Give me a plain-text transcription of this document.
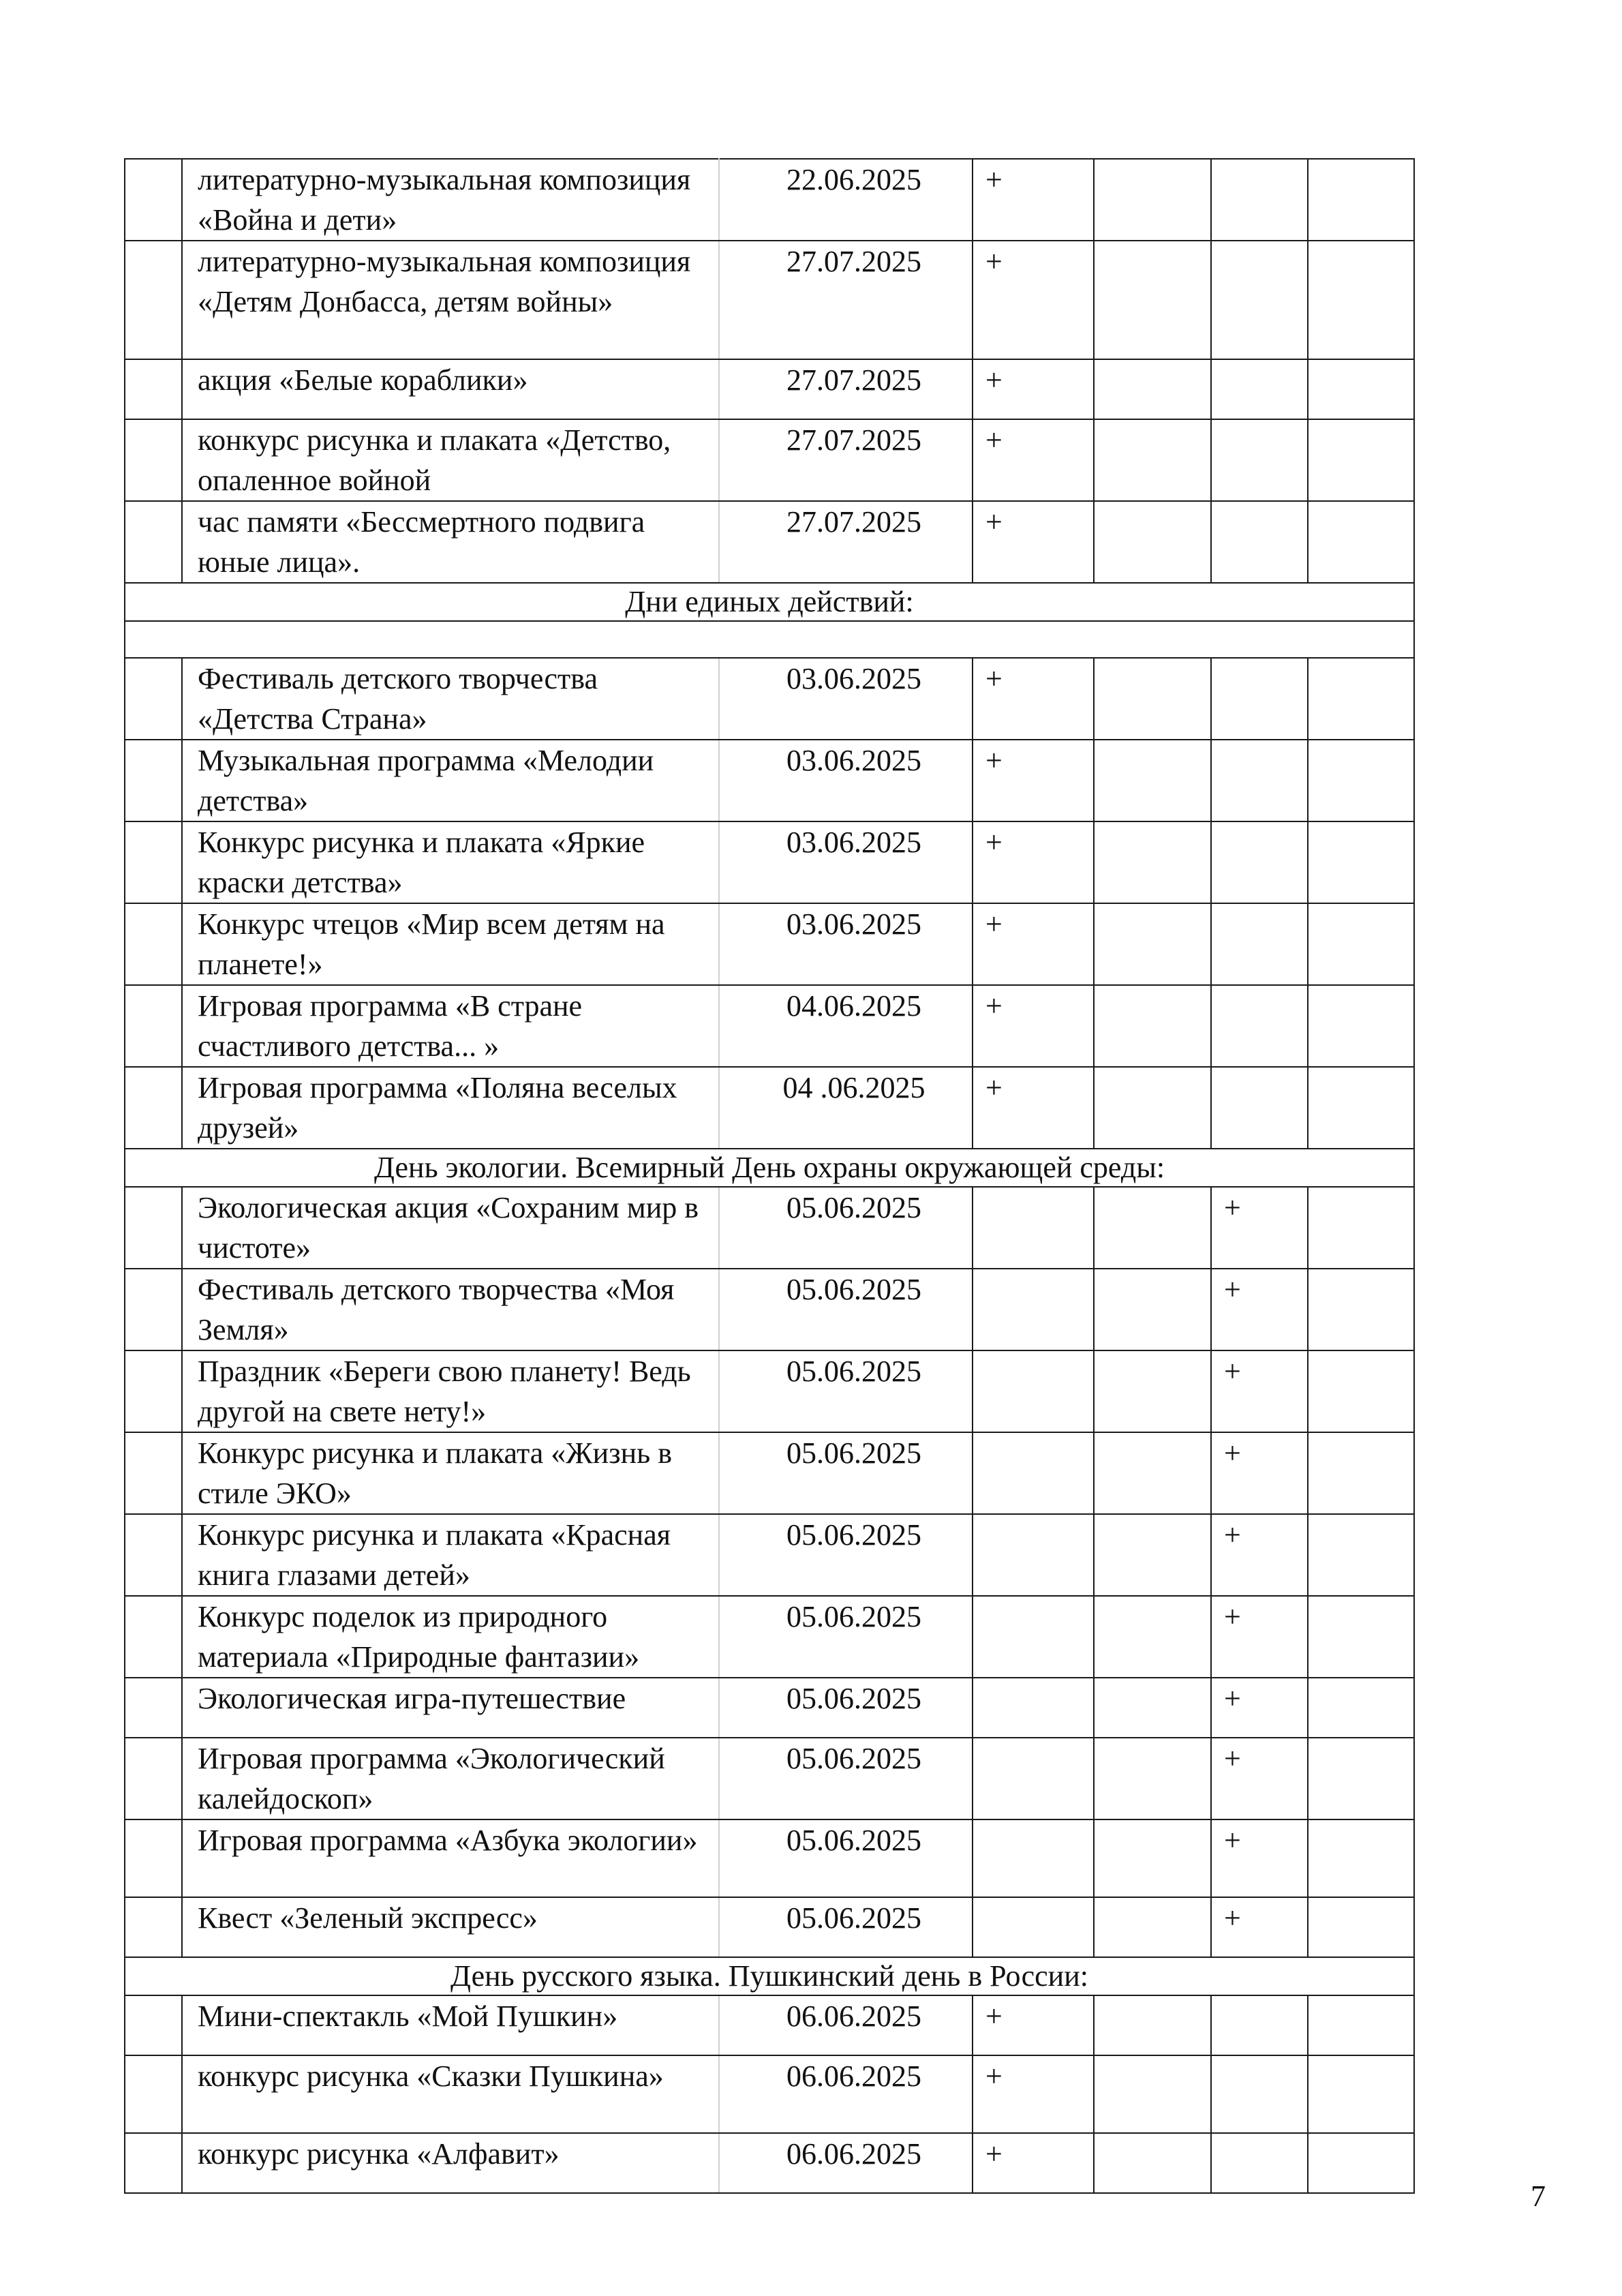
	литературно-музыкальная композиция «Война и дети»	22.06.2025	+			
	литературно-музыкальная композиция «Детям Донбасса, детям войны»	27.07.2025	+			
	акция «Белые кораблики»	27.07.2025	+			
	конкурс рисунка и плаката «Детство, опаленное войной	27.07.2025	+			
	час памяти «Бессмертного подвига юные лица».	27.07.2025	+			
Дни единых действий:						

	Фестиваль детского творчества «Детства Страна»	03.06.2025	+			
	Музыкальная программа «Мелодии детства»	03.06.2025	+			
	Конкурс рисунка и плаката «Яркие краски детства»	03.06.2025	+			
	Конкурс чтецов «Мир всем детям на планете!»	03.06.2025	+			
	Игровая программа «В стране счастливого детства... »	04.06.2025	+			
	Игровая программа «Поляна веселых друзей»	04 .06.2025	+			
День экологии. Всемирный День охраны окружающей среды:						
	Экологическая акция «Сохраним мир в чистоте»	05.06.2025			+	
	Фестиваль детского творчества «Моя Земля»	05.06.2025			+	
	Праздник «Береги свою планету! Ведь другой на свете нету!»	05.06.2025			+	
	Конкурс рисунка и плаката «Жизнь в стиле ЭКО»	05.06.2025			+	
	Конкурс рисунка и плаката «Красная книга глазами детей»	05.06.2025			+	
	Конкурс поделок из природного материала «Природные фантазии»	05.06.2025			+	
	Экологическая игра-путешествие	05.06.2025			+	
	Игровая программа «Экологический калейдоскоп»	05.06.2025			+	
	Игровая программа «Азбука экологии»	05.06.2025			+	
	Квест «Зеленый экспресс»	05.06.2025			+	
День русского языка. Пушкинский день в России:						
	Мини-спектакль «Мой Пушкин»	06.06.2025	+			
	конкурс рисунка «Сказки Пушкина»	06.06.2025	+			
	конкурс рисунка «Алфавит»	06.06.2025	+			
7
